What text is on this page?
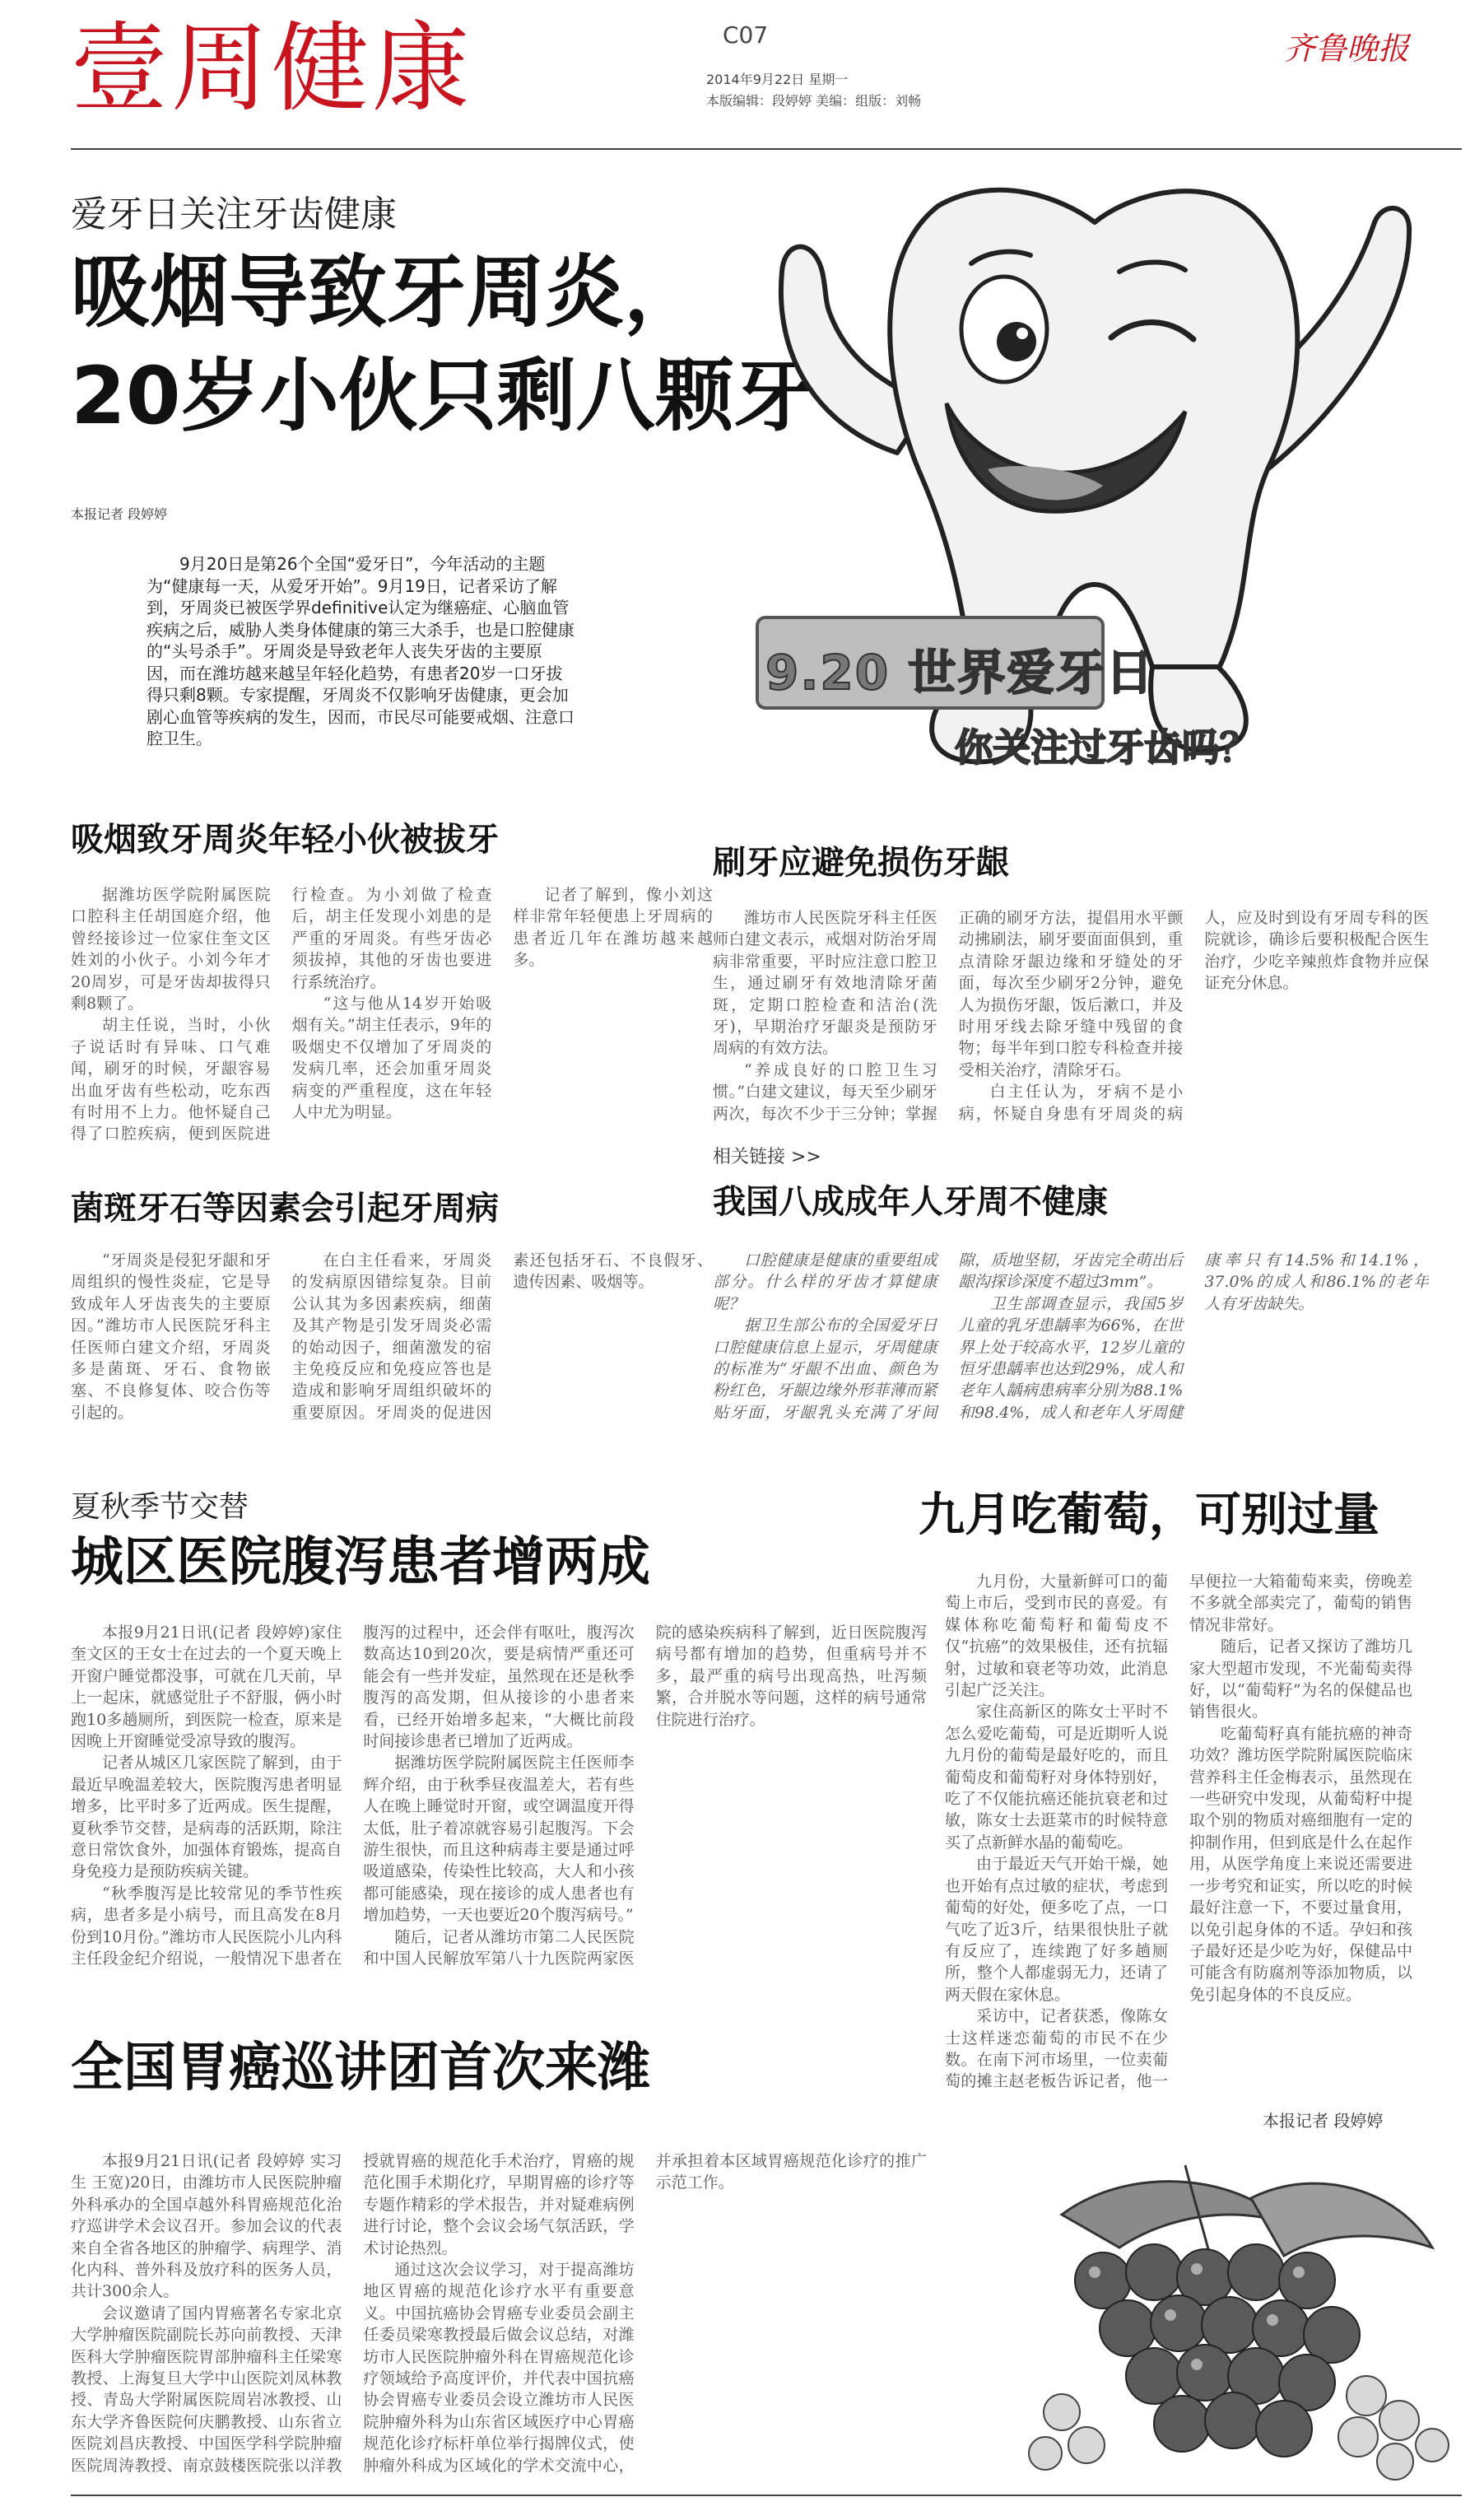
壹周健康	C07
2014年9月22日 星期一
本版编辑：段婷婷 美编：组版：刘畅
齐鲁晚报
爱牙日关注牙齿健康
吸烟导致牙周炎，
20岁小伙只剩八颗牙
本报记者 段婷婷

9月20日是第26个全国“爱牙日”，今年活动的主题为“健康每一天，从爱牙开始”。9月19日，记者采访了解到，牙周炎已被医学界definitive认定为继癌症、心脑血管疾病之后，威胁人类身体健康的第三大杀手，也是口腔健康的“头号杀手”。牙周炎是导致老年人丧失牙齿的主要原因，而在潍坊越来越呈年轻化趋势，有患者20岁一口牙拔得只剩8颗。专家提醒，牙周炎不仅影响牙齿健康，更会加剧心血管等疾病的发生，因而，市民尽可能要戒烟、注意口腔卫生。

9.20 世界爱牙日
你关注过牙齿吗？
吸烟致牙周炎年轻小伙被拔牙

据潍坊医学院附属医院口腔科主任胡国庭介绍，他曾经接诊过一位家住奎文区姓刘的小伙子。小刘今年才20周岁，可是牙齿却拔得只剩8颗了。

胡主任说，当时，小伙子说话时有异味、口气难闻，刷牙的时候，牙龈容易出血牙齿有些松动，吃东西有时用不上力。他怀疑自己得了口腔疾病，便到医院进行检查。为小刘做了检查后，胡主任发现小刘患的是严重的牙周炎。有些牙齿必须拔掉，其他的牙齿也要进行系统治疗。

“这与他从14岁开始吸烟有关。”胡主任表示，9年的吸烟史不仅增加了牙周炎的发病几率，还会加重牙周炎病变的严重程度，这在年轻人中尤为明显。

记者了解到，像小刘这样非常年轻便患上牙周病的患者近几年在潍坊越来越多。

刷牙应避免损伤牙龈

潍坊市人民医院牙科主任医师白建文表示，戒烟对防治牙周病非常重要，平时应注意口腔卫生，通过刷牙有效地清除牙菌斑，定期口腔检查和洁治(洗牙)，早期治疗牙龈炎是预防牙周病的有效方法。

“养成良好的口腔卫生习惯。”白建文建议，每天至少刷牙两次，每次不少于三分钟；掌握正确的刷牙方法，提倡用水平颤动拂刷法，刷牙要面面俱到，重点清除牙龈边缘和牙缝处的牙面，每次至少刷牙2分钟，避免人为损伤牙龈，饭后漱口，并及时用牙线去除牙缝中残留的食物；每半年到口腔专科检查并接受相关治疗，清除牙石。

白主任认为，牙病不是小病，怀疑自身患有牙周炎的病人，应及时到设有牙周专科的医院就诊，确诊后要积极配合医生治疗，少吃辛辣煎炸食物并应保证充分休息。

菌斑牙石等因素会引起牙周病

“牙周炎是侵犯牙龈和牙周组织的慢性炎症，它是导致成年人牙齿丧失的主要原因。”潍坊市人民医院牙科主任医师白建文介绍，牙周炎多是菌斑、牙石、食物嵌塞、不良修复体、咬合伤等引起的。

在白主任看来，牙周炎的发病原因错综复杂。目前公认其为多因素疾病，细菌及其产物是引发牙周炎必需的始动因子，细菌激发的宿主免疫反应和免疫应答也是造成和影响牙周组织破坏的重要原因。牙周炎的促进因素还包括牙石、不良假牙、遗传因素、吸烟等。

相关链接 >>
我国八成成年人牙周不健康

口腔健康是健康的重要组成部分。什么样的牙齿才算健康呢？

据卫生部公布的全国爱牙日口腔健康信息上显示，牙周健康的标准为“牙龈不出血、颜色为粉红色，牙龈边缘外形菲薄而紧贴牙面，牙龈乳头充满了牙间隙，质地坚韧，牙齿完全萌出后龈沟探诊深度不超过3mm”。

卫生部调查显示，我国5岁儿童的乳牙患龋率为66%，在世界上处于较高水平，12岁儿童的恒牙患龋率也达到29%，成人和老年人龋病患病率分别为88.1%和98.4%，成人和老年人牙周健康率只有14.5%和14.1%，37.0%的成人和86.1%的老年人有牙齿缺失。

夏秋季节交替
城区医院腹泻患者增两成

本报9月21日讯(记者 段婷婷)家住奎文区的王女士在过去的一个夏天晚上开窗户睡觉都没事，可就在几天前，早上一起床，就感觉肚子不舒服，俩小时跑10多趟厕所，到医院一检查，原来是因晚上开窗睡觉受凉导致的腹泻。

记者从城区几家医院了解到，由于最近早晚温差较大，医院腹泻患者明显增多，比平时多了近两成。医生提醒，夏秋季节交替，是病毒的活跃期，除注意日常饮食外，加强体育锻炼，提高自身免疫力是预防疾病关键。

“秋季腹泻是比较常见的季节性疾病，患者多是小病号，而且高发在8月份到10月份。”潍坊市人民医院小儿内科主任段金纪介绍说，一般情况下患者在腹泻的过程中，还会伴有呕吐，腹泻次数高达10到20次，要是病情严重还可能会有一些并发症，虽然现在还是秋季腹泻的高发期，但从接诊的小患者来看，已经开始增多起来，“大概比前段时间接诊患者已增加了近两成。

据潍坊医学院附属医院主任医师李辉介绍，由于秋季昼夜温差大，若有些人在晚上睡觉时开窗，或空调温度开得太低，肚子着凉就容易引起腹泻。下会游生很快，而且这种病毒主要是通过呼吸道感染，传染性比较高，大人和小孩都可能感染，现在接诊的成人患者也有增加趋势，一天也要近20个腹泻病号。”

随后，记者从潍坊市第二人民医院和中国人民解放军第八十九医院两家医院的感染疾病科了解到，近日医院腹泻病号都有增加的趋势，但重病号并不多，最严重的病号出现高热，吐泻频繁，合并脱水等问题，这样的病号通常住院进行治疗。

九月吃葡萄，可别过量

九月份，大量新鲜可口的葡萄上市后，受到市民的喜爱。有媒体称吃葡萄籽和葡萄皮不仅“抗癌”的效果极佳，还有抗辐射，过敏和衰老等功效，此消息引起广泛关注。

家住高新区的陈女士平时不怎么爱吃葡萄，可是近期听人说九月份的葡萄是最好吃的，而且葡萄皮和葡萄籽对身体特别好，吃了不仅能抗癌还能抗衰老和过敏，陈女士去逛菜市的时候特意买了点新鲜水晶的葡萄吃。

由于最近天气开始干燥，她也开始有点过敏的症状，考虑到葡萄的好处，便多吃了点，一口气吃了近3斤，结果很快肚子就有反应了，连续跑了好多趟厕所，整个人都虚弱无力，还请了两天假在家休息。

采访中，记者获悉，像陈女士这样迷恋葡萄的市民不在少数。在南下河市场里，一位卖葡萄的摊主赵老板告诉记者，他一早便拉一大箱葡萄来卖，傍晚差不多就全部卖完了，葡萄的销售情况非常好。

随后，记者又探访了潍坊几家大型超市发现，不光葡萄卖得好，以“葡萄籽”为名的保健品也销售很火。

吃葡萄籽真有能抗癌的神奇功效？潍坊医学院附属医院临床营养科主任金梅表示，虽然现在一些研究中发现，从葡萄籽中提取个别的物质对癌细胞有一定的抑制作用，但到底是什么在起作用，从医学角度上来说还需要进一步考究和证实，所以吃的时候最好注意一下，不要过量食用，以免引起身体的不适。孕妇和孩子最好还是少吃为好，保健品中可能含有防腐剂等添加物质，以免引起身体的不良反应。

本报记者 段婷婷
全国胃癌巡讲团首次来潍

本报9月21日讯(记者 段婷婷 实习生 王宽)20日，由潍坊市人民医院肿瘤外科承办的全国卓越外科胃癌规范化治疗巡讲学术会议召开。参加会议的代表来自全省各地区的肿瘤学、病理学、消化内科、普外科及放疗科的医务人员，共计300余人。

会议邀请了国内胃癌著名专家北京大学肿瘤医院副院长苏向前教授、天津医科大学肿瘤医院胃部肿瘤科主任梁寒教授、上海复旦大学中山医院刘凤林教授、青岛大学附属医院周岩冰教授、山东大学齐鲁医院何庆鹏教授、山东省立医院刘昌庆教授、中国医学科学院肿瘤医院周涛教授、南京鼓楼医院张以洋教授就胃癌的规范化手术治疗，胃癌的规范化围手术期化疗，早期胃癌的诊疗等专题作精彩的学术报告，并对疑难病例进行讨论，整个会议会场气氛活跃，学术讨论热烈。

通过这次会议学习，对于提高潍坊地区胃癌的规范化诊疗水平有重要意义。中国抗癌协会胃癌专业委员会副主任委员梁寒教授最后做会议总结，对潍坊市人民医院肿瘤外科在胃癌规范化诊疗领域给予高度评价，并代表中国抗癌协会胃癌专业委员会设立潍坊市人民医院肿瘤外科为山东省区域医疗中心胃癌规范化诊疗标杆单位举行揭牌仪式，使肿瘤外科成为区域化的学术交流中心，并承担着本区域胃癌规范化诊疗的推广示范工作。
